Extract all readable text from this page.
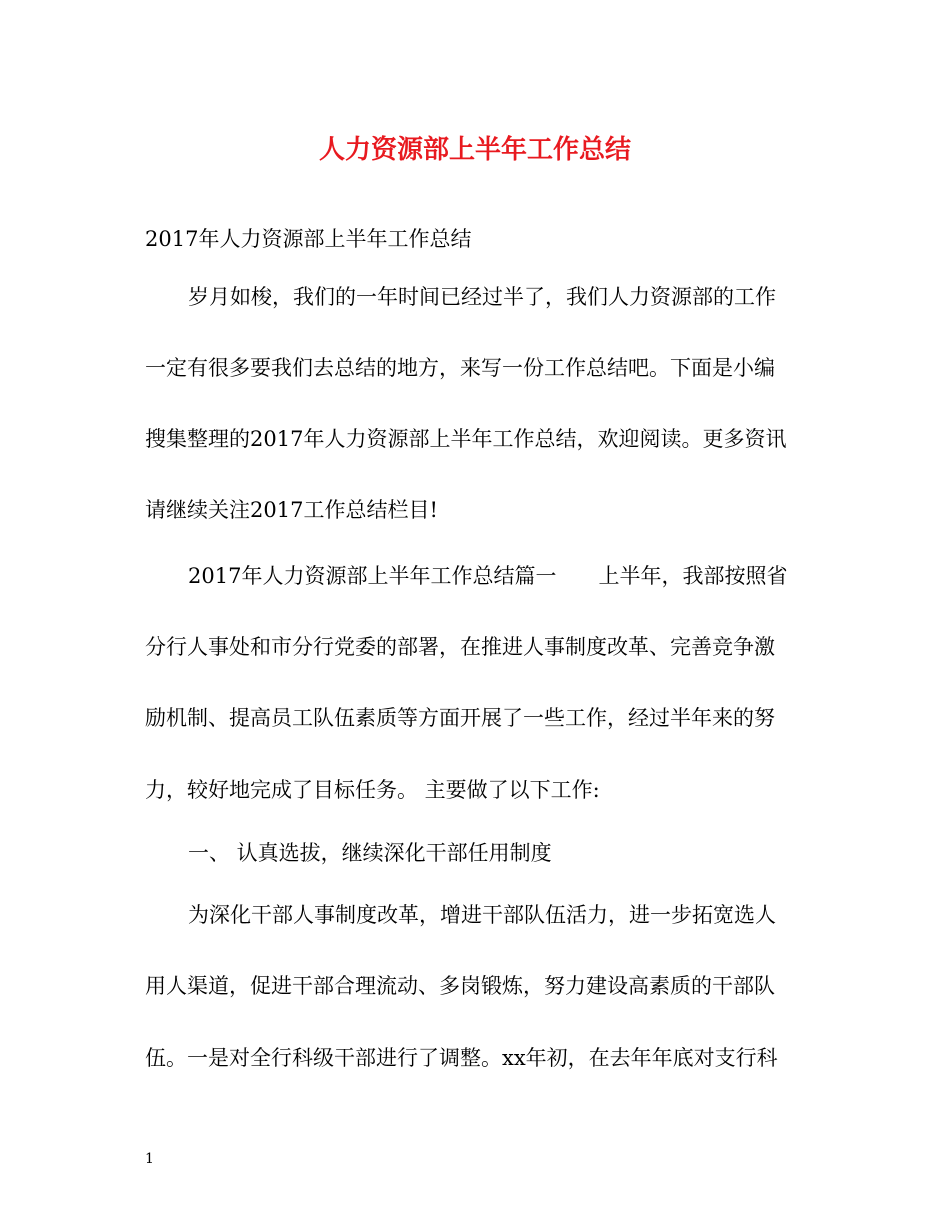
人力资源部上半年工作总结
2017年人力资源部上半年工作总结
岁月如梭，我们的一年时间已经过半了，我们人力资源部的工作
一定有很多要我们去总结的地方，来写一份工作总结吧。下面是小编
搜集整理的2017年人力资源部上半年工作总结，欢迎阅读。更多资讯
请继续关注2017工作总结栏目!
2017年人力资源部上半年工作总结篇一 上半年，我部按照省
分行人事处和市分行党委的部署，在推进人事制度改革、完善竞争激
励机制、提高员工队伍素质等方面开展了一些工作，经过半年来的努
力，较好地完成了目标任务。 主要做了以下工作:
一、 认真选拔，继续深化干部任用制度
为深化干部人事制度改革，增进干部队伍活力，进一步拓宽选人
用人渠道，促进干部合理流动、多岗锻炼，努力建设高素质的干部队
伍。一是对全行科级干部进行了调整。xx年初，在去年年底对支行科
1
